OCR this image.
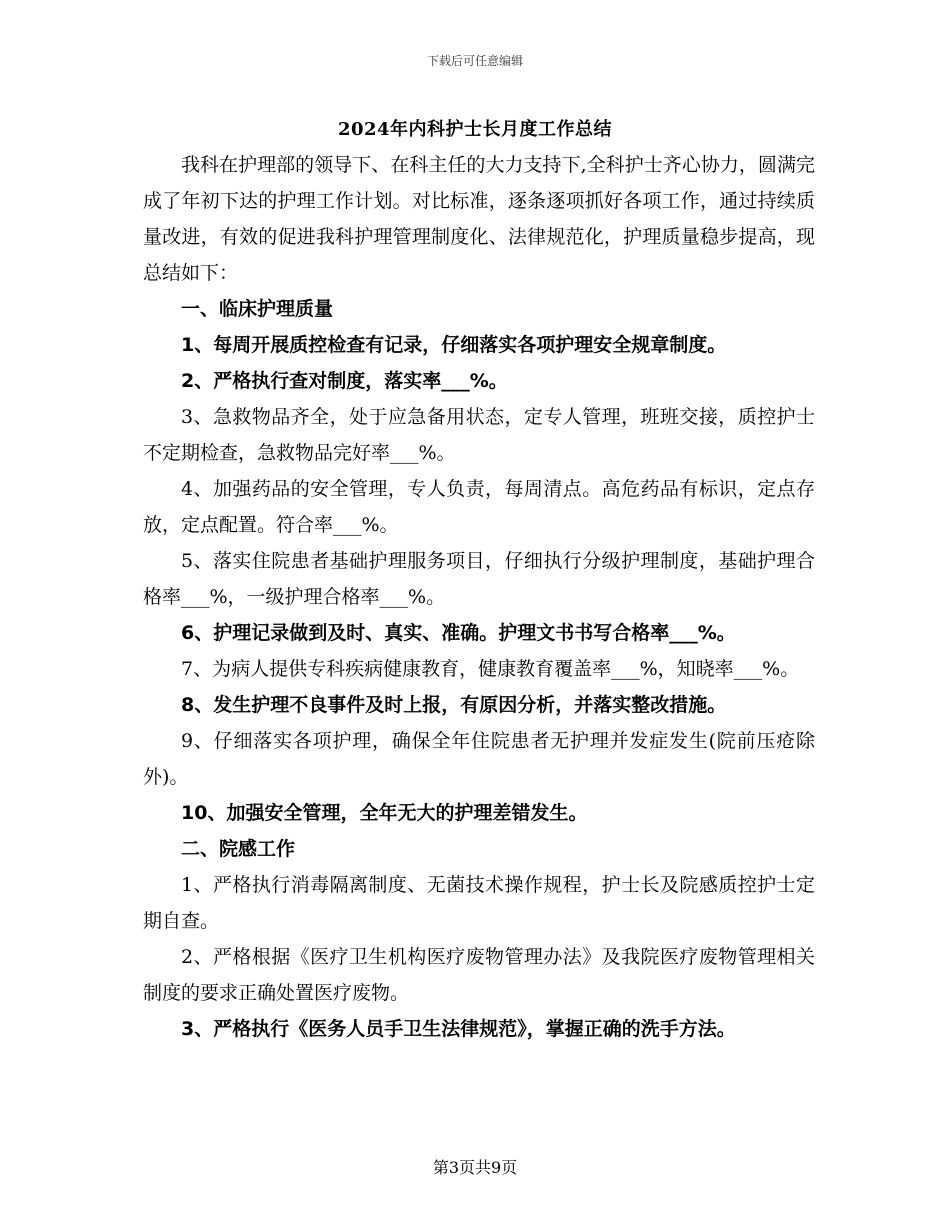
下载后可任意编辑
2024年内科护士长月度工作总结

我科在护理部的领导下、在科主任的大力支持下,全科护士齐心协力，圆满完成了年初下达的护理工作计划。对比标准，逐条逐项抓好各项工作，通过持续质量改进，有效的促进我科护理管理制度化、法律规范化，护理质量稳步提高，现总结如下：

一、临床护理质量

1、每周开展质控检查有记录，仔细落实各项护理安全规章制度。

2、严格执行查对制度，落实率___%。

3、急救物品齐全，处于应急备用状态，定专人管理，班班交接，质控护士不定期检查，急救物品完好率___%。

4、加强药品的安全管理，专人负责，每周清点。高危药品有标识，定点存放，定点配置。符合率___%。

5、落实住院患者基础护理服务项目，仔细执行分级护理制度，基础护理合格率___%，一级护理合格率___%。

6、护理记录做到及时、真实、准确。护理文书书写合格率___%。

7、为病人提供专科疾病健康教育，健康教育覆盖率___%，知晓率___%。

8、发生护理不良事件及时上报，有原因分析，并落实整改措施。

9、仔细落实各项护理，确保全年住院患者无护理并发症发生(院前压疮除外)。

10、加强安全管理，全年无大的护理差错发生。

二、院感工作

1、严格执行消毒隔离制度、无菌技术操作规程，护士长及院感质控护士定期自查。

2、严格根据《医疗卫生机构医疗废物管理办法》及我院医疗废物管理相关制度的要求正确处置医疗废物。

3、严格执行《医务人员手卫生法律规范》，掌握正确的洗手方法。

第3页共9页
